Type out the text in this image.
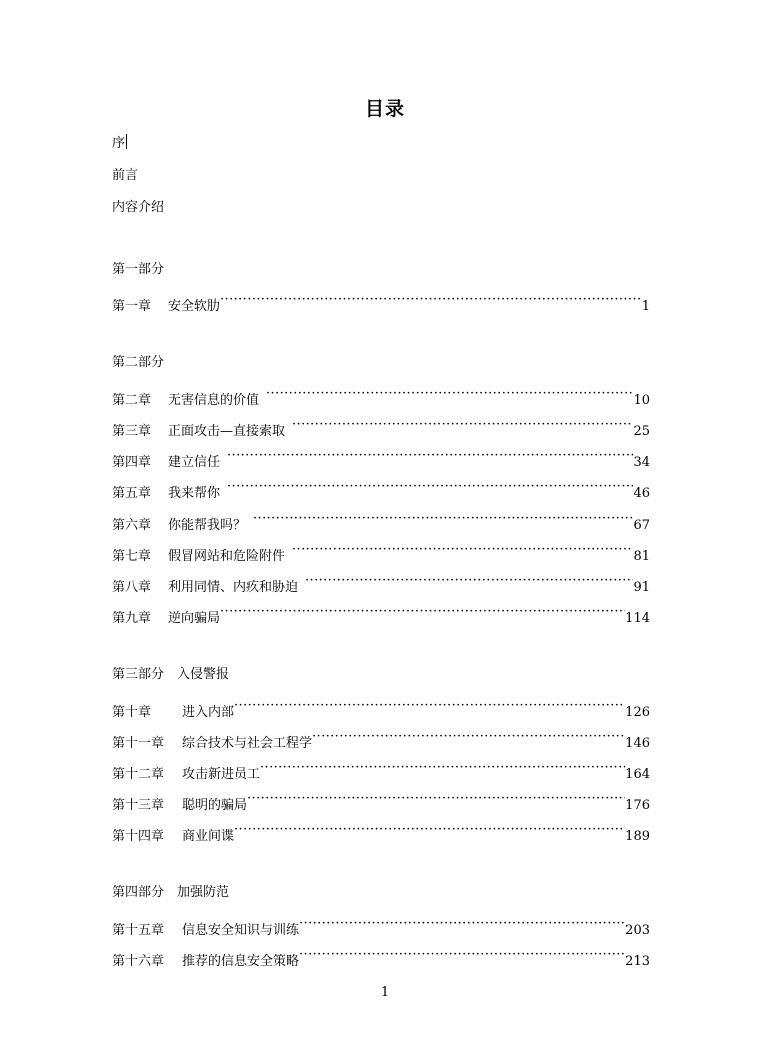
目录
序
前言
内容介绍
第一部分
第一章	安全软肋 ·····	1
第二部分
第二章	无害信息的价值 ·····	10
第三章	正面攻击—直接索取 ·····	25
第四章	建立信任 ·····	34
第五章	我来帮你 ·····	46
第六章	你能帮我吗？ ·····	67
第七章	假冒网站和危险附件 ·····	81
第八章	利用同情、内疚和胁迫 ·····	91
第九章	逆向骗局 ·····	114
第三部分　入侵警报
第十章	进入内部 ·····	126
第十一章	综合技术与社会工程学 ·····	146
第十二章	攻击新进员工 ·····	164
第十三章	聪明的骗局 ·····	176
第十四章	商业间谍 ·····	189
第四部分　加强防范
第十五章	信息安全知识与训练 ·····	203
第十六章	推荐的信息安全策略 ·····	213
1
